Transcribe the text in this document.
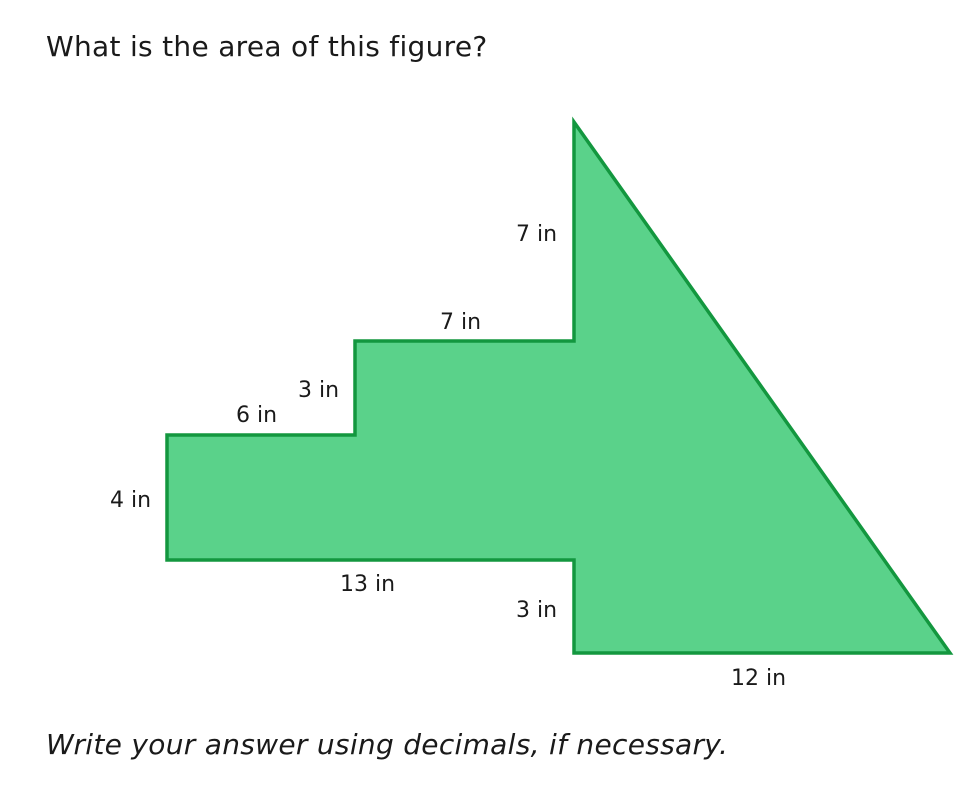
What is the area of this figure?
4 in
6 in
3 in
7 in
7 in
13 in
3 in
12 in
Write your answer using decimals, if necessary.
